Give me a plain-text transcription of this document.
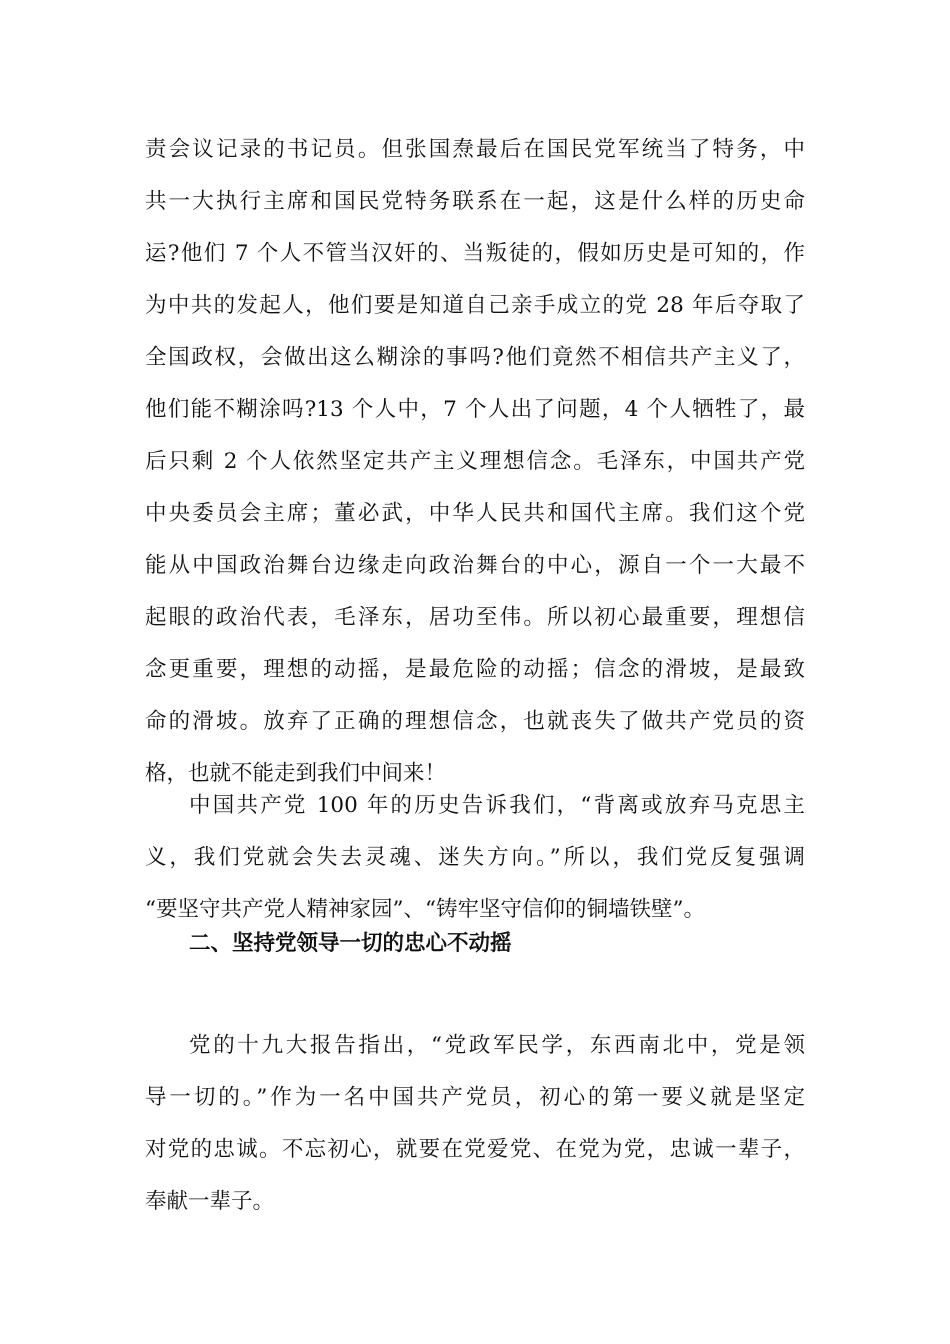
责会议记录的书记员。但张国焘最后在国民党军统当了特务，中
共一大执行主席和国民党特务联系在一起，这是什么样的历史命
运?他们 7 个人不管当汉奸的、当叛徒的，假如历史是可知的，作
为中共的发起人，他们要是知道自己亲手成立的党 28 年后夺取了
全国政权，会做出这么糊涂的事吗?他们竟然不相信共产主义了，
他们能不糊涂吗?13 个人中，7 个人出了问题，4 个人牺牲了，最
后只剩 2 个人依然坚定共产主义理想信念。毛泽东，中国共产党
中央委员会主席；董必武，中华人民共和国代主席。我们这个党
能从中国政治舞台边缘走向政治舞台的中心，源自一个一大最不
起眼的政治代表，毛泽东，居功至伟。所以初心最重要，理想信
念更重要，理想的动摇，是最危险的动摇；信念的滑坡，是最致
命的滑坡。放弃了正确的理想信念，也就丧失了做共产党员的资
格，也就不能走到我们中间来！
中国共产党 100 年的历史告诉我们，“背离或放弃马克思主
义，我们党就会失去灵魂、迷失方向。”所以，我们党反复强调
“要坚守共产党人精神家园”、“铸牢坚守信仰的铜墙铁壁”。
二、坚持党领导一切的忠心不动摇
党的十九大报告指出，“党政军民学，东西南北中，党是领
导一切的。”作为一名中国共产党员，初心的第一要义就是坚定
对党的忠诚。不忘初心，就要在党爱党、在党为党，忠诚一辈子，
奉献一辈子。
